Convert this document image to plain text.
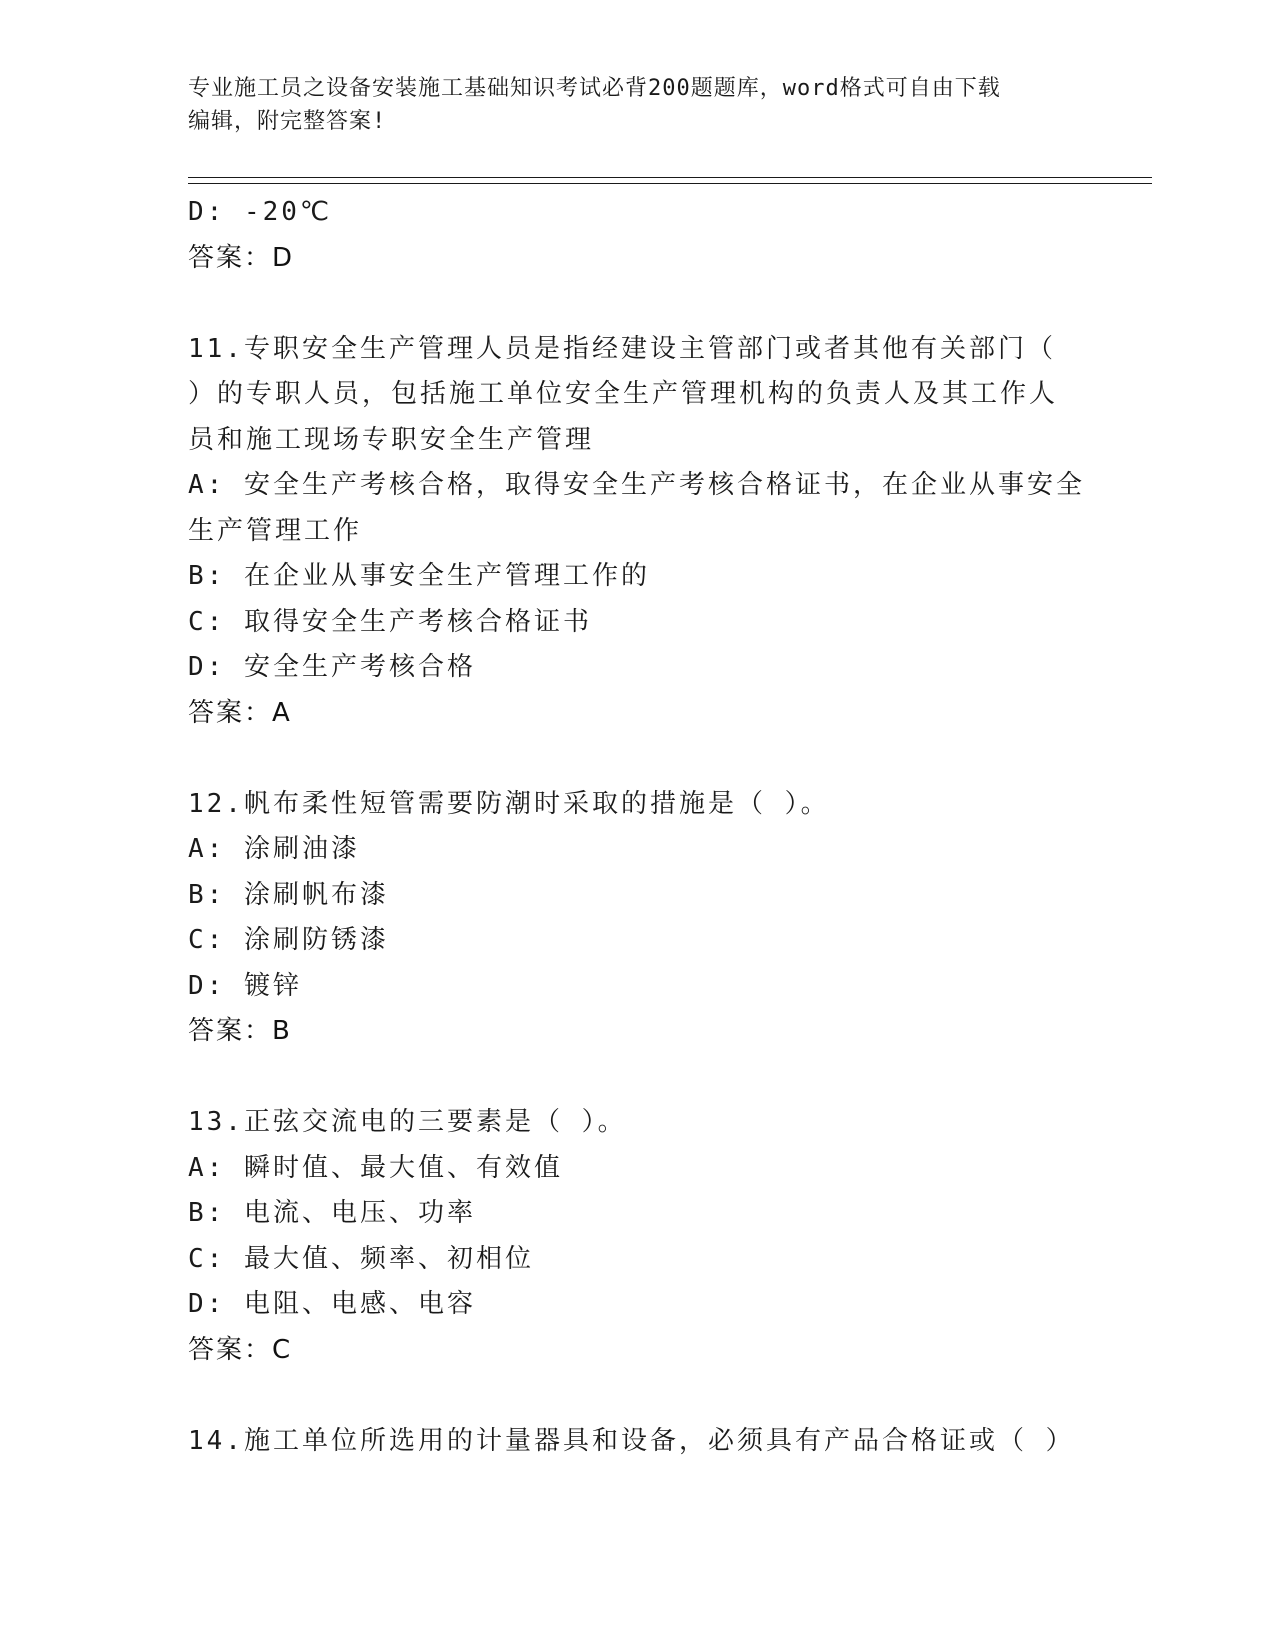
专业施工员之设备安装施工基础知识考试必背200题题库，word格式可自由下载
编辑，附完整答案!
D: -20℃
答案：D
11.专职安全生产管理人员是指经建设主管部门或者其他有关部门（
）的专职人员，包括施工单位安全生产管理机构的负责人及其工作人
员和施工现场专职安全生产管理
A: 安全生产考核合格，取得安全生产考核合格证书，在企业从事安全
生产管理工作
B: 在企业从事安全生产管理工作的
C: 取得安全生产考核合格证书
D: 安全生产考核合格
答案：A
12.帆布柔性短管需要防潮时采取的措施是（ ）。
A: 涂刷油漆
B: 涂刷帆布漆
C: 涂刷防锈漆
D: 镀锌
答案：B
13.正弦交流电的三要素是（ ）。
A: 瞬时值、最大值、有效值
B: 电流、电压、功率
C: 最大值、频率、初相位
D: 电阻、电感、电容
答案：C
14.施工单位所选用的计量器具和设备，必须具有产品合格证或（ ）
